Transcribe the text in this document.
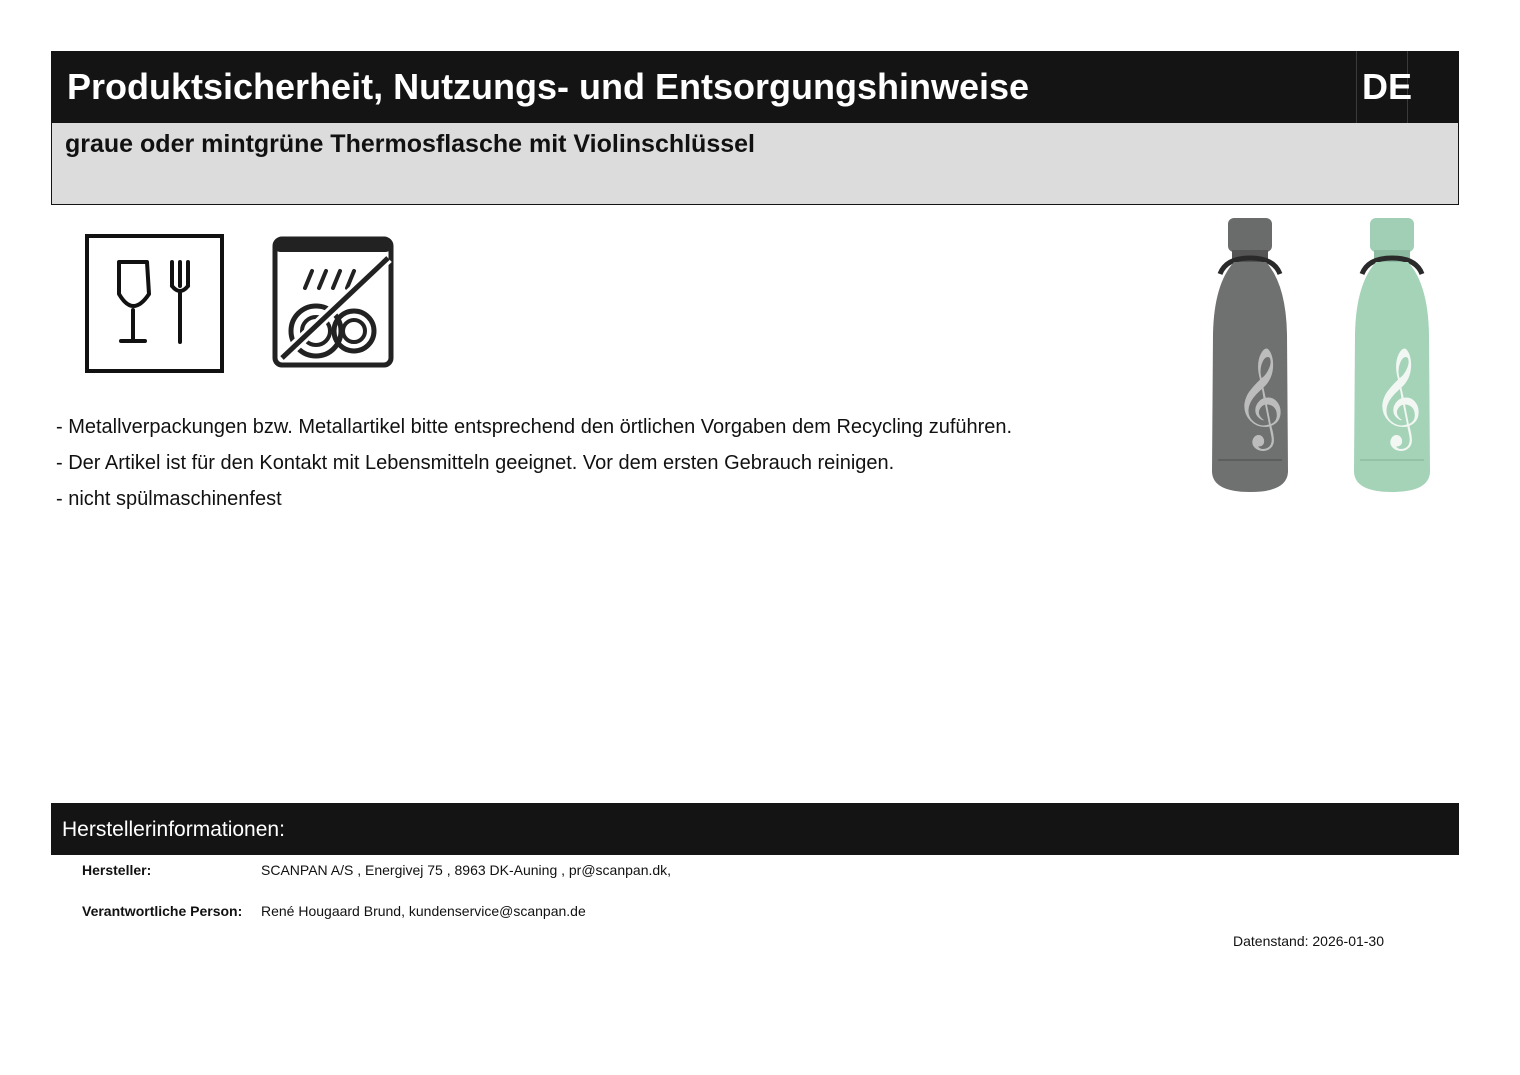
Produktsicherheit, Nutzungs- und Entsorgungshinweise	DE
graue oder mintgrüne Thermosflasche mit Violinschlüssel
𝄞 𝄞

- Metallverpackungen bzw. Metallartikel bitte entsprechend den örtlichen Vorgaben dem Recycling zuführen.

- Der Artikel ist für den Kontakt mit Lebensmitteln geeignet. Vor dem ersten Gebrauch reinigen.

- nicht spülmaschinenfest

Herstellerinformationen:
Hersteller:	SCANPAN A/S , Energivej 75 , 8963 DK-Auning , pr@scanpan.dk,
Verantwortliche Person: René Hougaard Brund, kundenservice@scanpan.de
Datenstand: 2026-01-30
